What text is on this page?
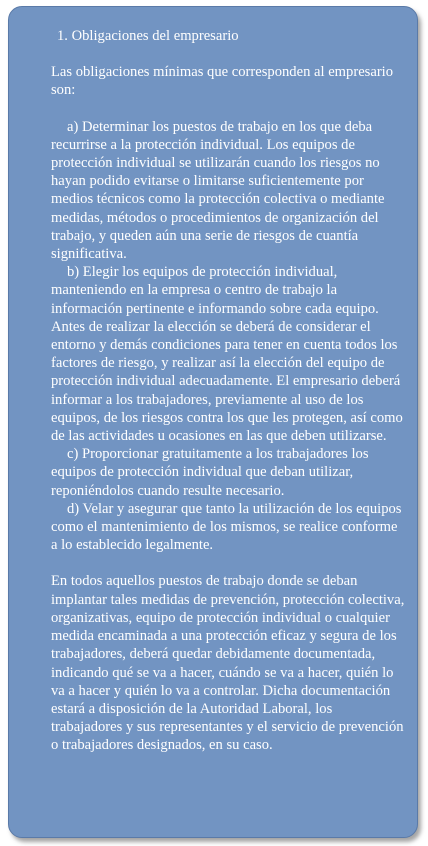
1. Obligaciones del empresario

Las obligaciones mínimas que corresponden al empresario son:

a) Determinar los puestos de trabajo en los que deba recurrirse a la protección individual. Los equipos de protección individual se utilizarán cuando los riesgos no hayan podido evitarse o limitarse suficientemente por medios técnicos como la protección colectiva o mediante medidas, métodos o procedimientos de organización del trabajo, y queden aún una serie de riesgos de cuantía significativa.

b) Elegir los equipos de protección individual, manteniendo en la empresa o centro de trabajo la información pertinente e informando sobre cada equipo. Antes de realizar la elección se deberá de considerar el entorno y demás condiciones para tener en cuenta todos los factores de riesgo, y realizar así la elección del equipo de protección individual adecuadamente. El empresario deberá informar a los trabajadores, previamente al uso de los equipos, de los riesgos contra los que les protegen, así como de las actividades u ocasiones en las que deben utilizarse.

c) Proporcionar gratuitamente a los trabajadores los equipos de protección individual que deban utilizar, reponiéndolos cuando resulte necesario.

d) Velar y asegurar que tanto la utilización de los equipos como el mantenimiento de los mismos, se realice conforme a lo establecido legalmente.

En todos aquellos puestos de trabajo donde se deban implantar tales medidas de prevención, protección colectiva, organizativas, equipo de protección individual o cualquier medida encaminada a una protección eficaz y segura de los trabajadores, deberá quedar debidamente documentada, indicando qué se va a hacer, cuándo se va a hacer, quién lo va a hacer y quién lo va a controlar. Dicha documentación estará a disposición de la Autoridad Laboral, los trabajadores y sus representantes y el servicio de prevención o trabajadores designados, en su caso.
